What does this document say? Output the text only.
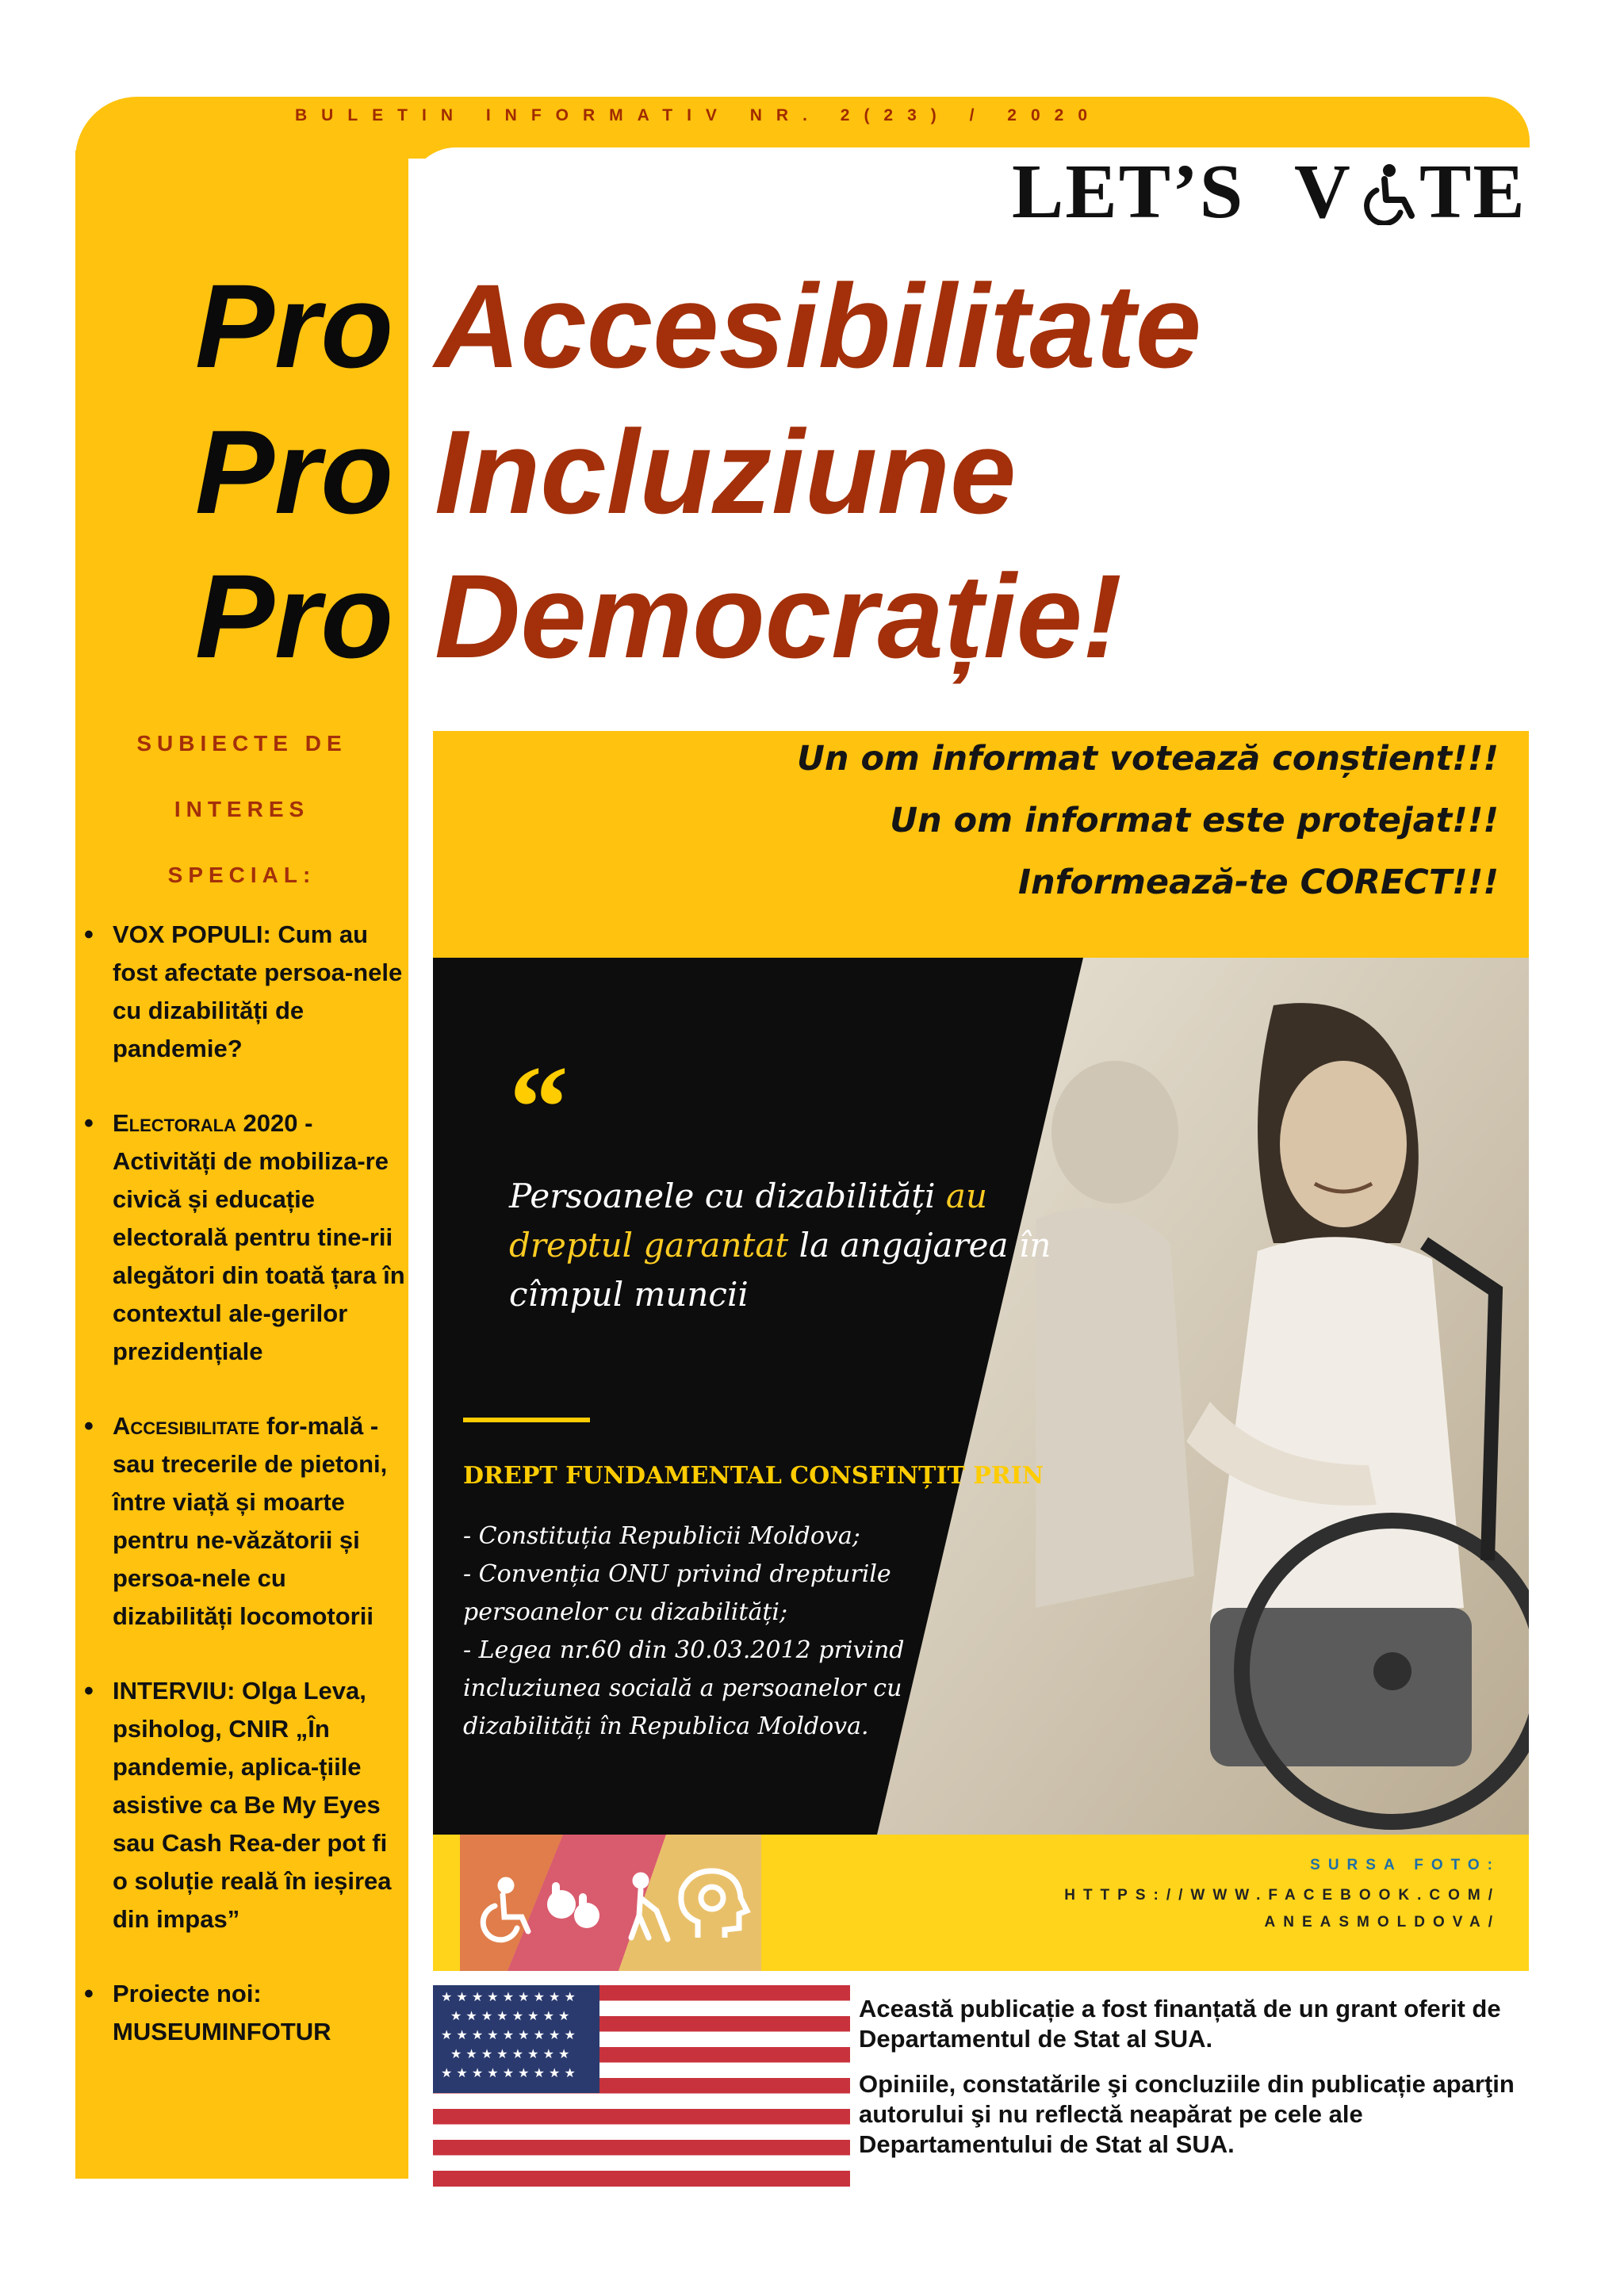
BULETIN INFORMATIV NR. 2(23) / 2020
LET’S V TE
Pro Accesibilitate
Pro Incluziune
Pro Democrație!
SUBIECTE DE
INTERES
SPECIAL:
• VOX POPULI: Cum au fost afectate persoa-nele cu dizabilități de pandemie?
• Electorala 2020 - Activități de mobiliza-re civică și educație electorală pentru tine-rii alegători din toată țara în contextul ale-gerilor prezidențiale
• Accesibilitate for-mală - sau trecerile de pietoni, între viață și moarte pentru ne-văzătorii și persoa-nele cu dizabilități locomotorii
• INTERVIU: Olga Leva, psiholog, CNIR „În pandemie, aplica-țiile asistive ca Be My Eyes sau Cash Rea-der pot fi o soluție reală în ieșirea din impas”
• Proiecte noi: MUSEUMINFOTUR
Un om informat votează conștient!!!
Un om informat este protejat!!!
Informează-te CORECT!!!
“
Persoanele cu dizabilități au dreptul garantat la angajarea în cîmpul muncii
DREPT FUNDAMENTAL CONSFINȚIT PRIN
- Constituția Republicii Moldova;
- Convenția ONU privind drepturile persoanelor cu dizabilități;
- Legea nr.60 din 30.03.2012 privind incluziunea socială a persoanelor cu dizabilități în Republica Moldova.
SURSA FOTO:
HTTPS://WWW.FACEBOOK.COM/
ANEASMOLDOVA/
★ ★ ★ ★ ★ ★ ★ ★ ★
★ ★ ★ ★ ★ ★ ★ ★
★ ★ ★ ★ ★ ★ ★ ★ ★
★ ★ ★ ★ ★ ★ ★ ★
★ ★ ★ ★ ★ ★ ★ ★ ★
Această publicație a fost finanțată de un grant oferit de Departamentul de Stat al SUA.
Opiniile, constatările şi concluziile din publicație aparţin autorului şi nu reflectă neapărat pe cele ale Departamentului de Stat al SUA.
